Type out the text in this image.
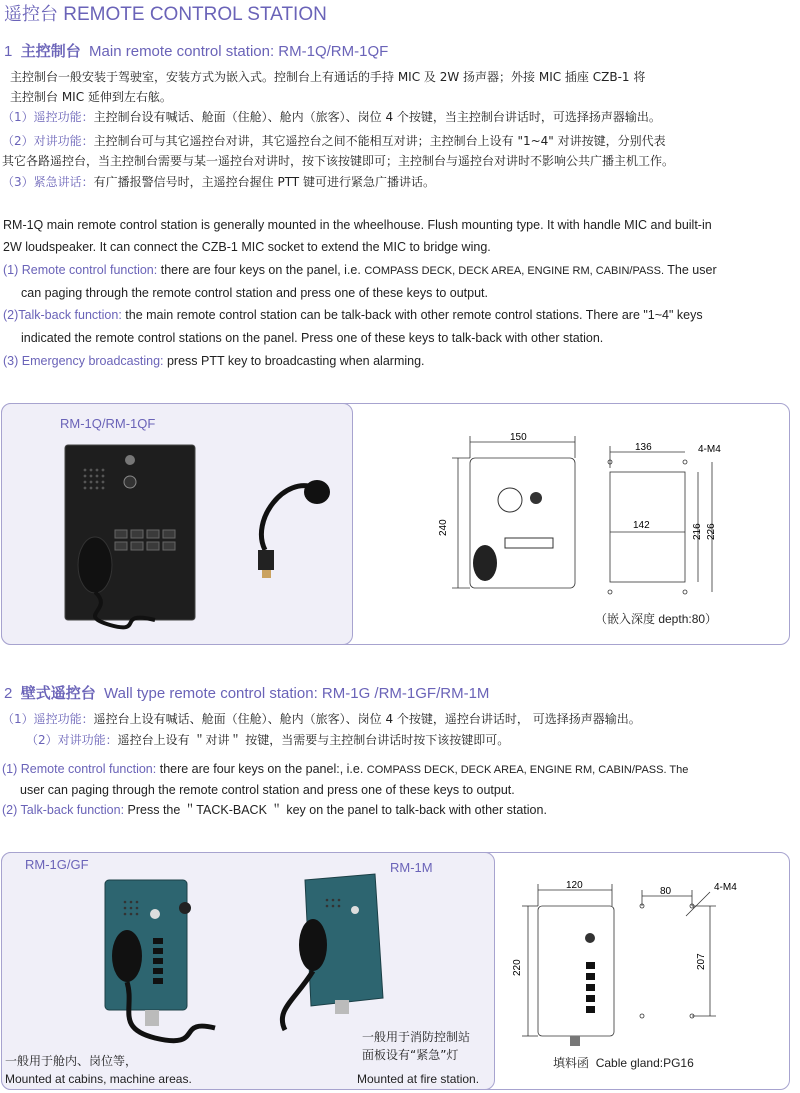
遥控台 REMOTE CONTROL STATION
1 主控制台 Main remote control station: RM-1Q/RM-1QF
主控制台一般安装于驾驶室，安装方式为嵌入式。控制台上有通话的手持 MIC 及 2W 扬声器；外接 MIC 插座 CZB-1 将
主控制台 MIC 延伸到左右舷。
（1）遥控功能：主控制台设有喊话、舱面（住舱）、舱内（旅客）、岗位 4 个按键，当主控制台讲话时，可选择扬声器输出。
（2）对讲功能：主控制台可与其它遥控台对讲，其它遥控台之间不能相互对讲；主控制台上设有 "1~4" 对讲按键，分别代表
其它各路遥控台，当主控制台需要与某一遥控台对讲时，按下该按键即可；主控制台与遥控台对讲时不影响公共广播主机工作。
（3）紧急讲话：有广播报警信号时，主遥控台握住 PTT 键可进行紧急广播讲话。
RM-1Q main remote control station is generally mounted in the wheelhouse. Flush mounting type. It with handle MIC and built-in
2W loudspeaker. It can connect the CZB-1 MIC socket to extend the MIC to bridge wing.
(1) Remote control function: there are four keys on the panel, i.e. COMPASS DECK, DECK AREA, ENGINE RM, CABIN/PASS. The user
can paging through the remote control station and press one of these keys to output.
(2)Talk-back function: the main remote control station can be talk-back with other remote control stations. There are "1~4" keys
indicated the remote control stations on the panel. Press one of these keys to talk-back with other station.
(3) Emergency broadcasting: press PTT key to broadcasting when alarming.
RM-1Q/RM-1QF
150
240
136	4-M4
142	216 226
（嵌入深度 depth:80）
2 壁式遥控台 Wall type remote control station: RM-1G /RM-1GF/RM-1M
（1）遥控功能：遥控台上设有喊话、舱面（住舱）、舱内（旅客）、岗位 4 个按键，遥控台讲话时， 可选择扬声器输出。
（2）对讲功能：遥控台上设有 ＂对讲＂ 按键，当需要与主控制台讲话时按下该按键即可。
(1) Remote control function: there are four keys on the panel:, i.e. COMPASS DECK, DECK AREA, ENGINE RM, CABIN/PASS. The
user can paging through the remote control station and press one of these keys to output.
(2) Talk-back function: Press the ＂TACK-BACK ＂ key on the panel to talk-back with other station.
RM-1G/GF	RM-1M
一般用于舱内、岗位等，
Mounted at cabins, machine areas.
一般用于消防控制站
面板设有“紧急”灯
Mounted at fire station.
120
220
80	4-M4
207
填料函 Cable gland:PG16
